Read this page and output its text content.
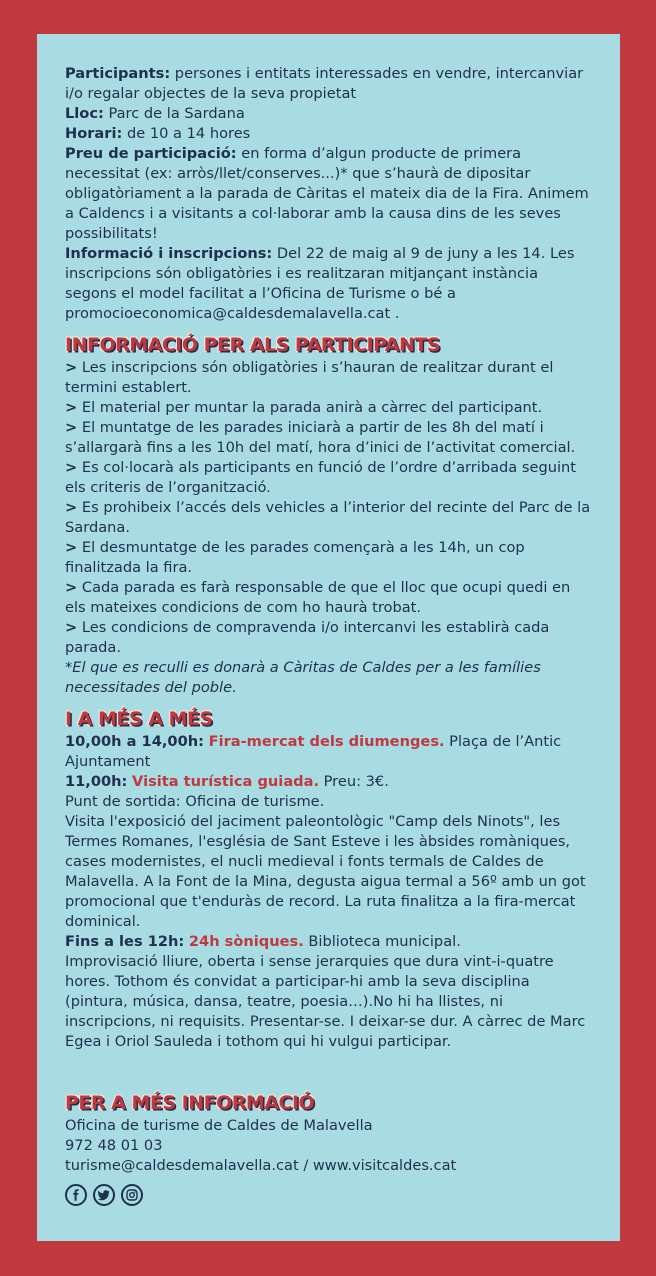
Participants: persones i entitats interessades en vendre, intercanviar i/o regalar objectes de la seva propietat

Lloc: Parc de la Sardana

Horari: de 10 a 14 hores

Preu de participació: en forma d’algun producte de primera necessitat (ex: arròs/llet/conserves...)* que s’haurà de dipositar obligatòriament a la parada de Càritas el mateix dia de la Fira. Animem a Caldencs i a visitants a col·laborar amb la causa dins de les seves possibilitats!

Informació i inscripcions: Del 22 de maig al 9 de juny a les 14. Les inscripcions són obligatòries i es realitzaran mitjançant instància segons el model facilitat a l’Oficina de Turisme o bé a promocioeconomica@caldesdemalavella.cat .

INFORMACIÓ PER ALS PARTICIPANTS

> Les inscripcions són obligatòries i s’hauran de realitzar durant el termini establert.

> El material per muntar la parada anirà a càrrec del participant.

> El muntatge de les parades iniciarà a partir de les 8h del matí i s’allargarà fins a les 10h del matí, hora d’inici de l’activitat comercial.

> Es col·locarà als participants en funció de l’ordre d’arribada seguint els criteris de l’organització.

> Es prohibeix l’accés dels vehicles a l’interior del recinte del Parc de la Sardana.

> El desmuntatge de les parades començarà a les 14h, un cop finalitzada la fira.

> Cada parada es farà responsable de que el lloc que ocupi quedi en els mateixes condicions de com ho haurà trobat.

> Les condicions de compravenda i/o intercanvi les establirà cada parada.

*El que es reculli es donarà a Càritas de Caldes per a les famílies necessitades del poble.

I A MÉS A MÉS

10,00h a 14,00h: Fira-mercat dels diumenges. Plaça de l’Antic Ajuntament

11,00h: Visita turística guiada. Preu: 3€.

Punt de sortida: Oficina de turisme.

Visita l'exposició del jaciment paleontològic "Camp dels Ninots", les Termes Romanes, l'església de Sant Esteve i les àbsides romàniques, cases modernistes, el nucli medieval i fonts termals de Caldes de Malavella. A la Font de la Mina, degusta aigua termal a 56º amb un got promocional que t'enduràs de record. La ruta finalitza a la fira-mercat dominical.

Fins a les 12h: 24h sòniques. Biblioteca municipal.

Improvisació lliure, oberta i sense jerarquies que dura vint-i-quatre hores. Tothom és convidat a participar-hi amb la seva disciplina (pintura, música, dansa, teatre, poesia…).No hi ha llistes, ni inscripcions, ni requisits. Presentar-se. I deixar-se dur. A càrrec de Marc Egea i Oriol Sauleda i tothom qui hi vulgui participar.

PER A MÉS INFORMACIÓ

Oficina de turisme de Caldes de Malavella

972 48 01 03

turisme@caldesdemalavella.cat / www.visitcaldes.cat
